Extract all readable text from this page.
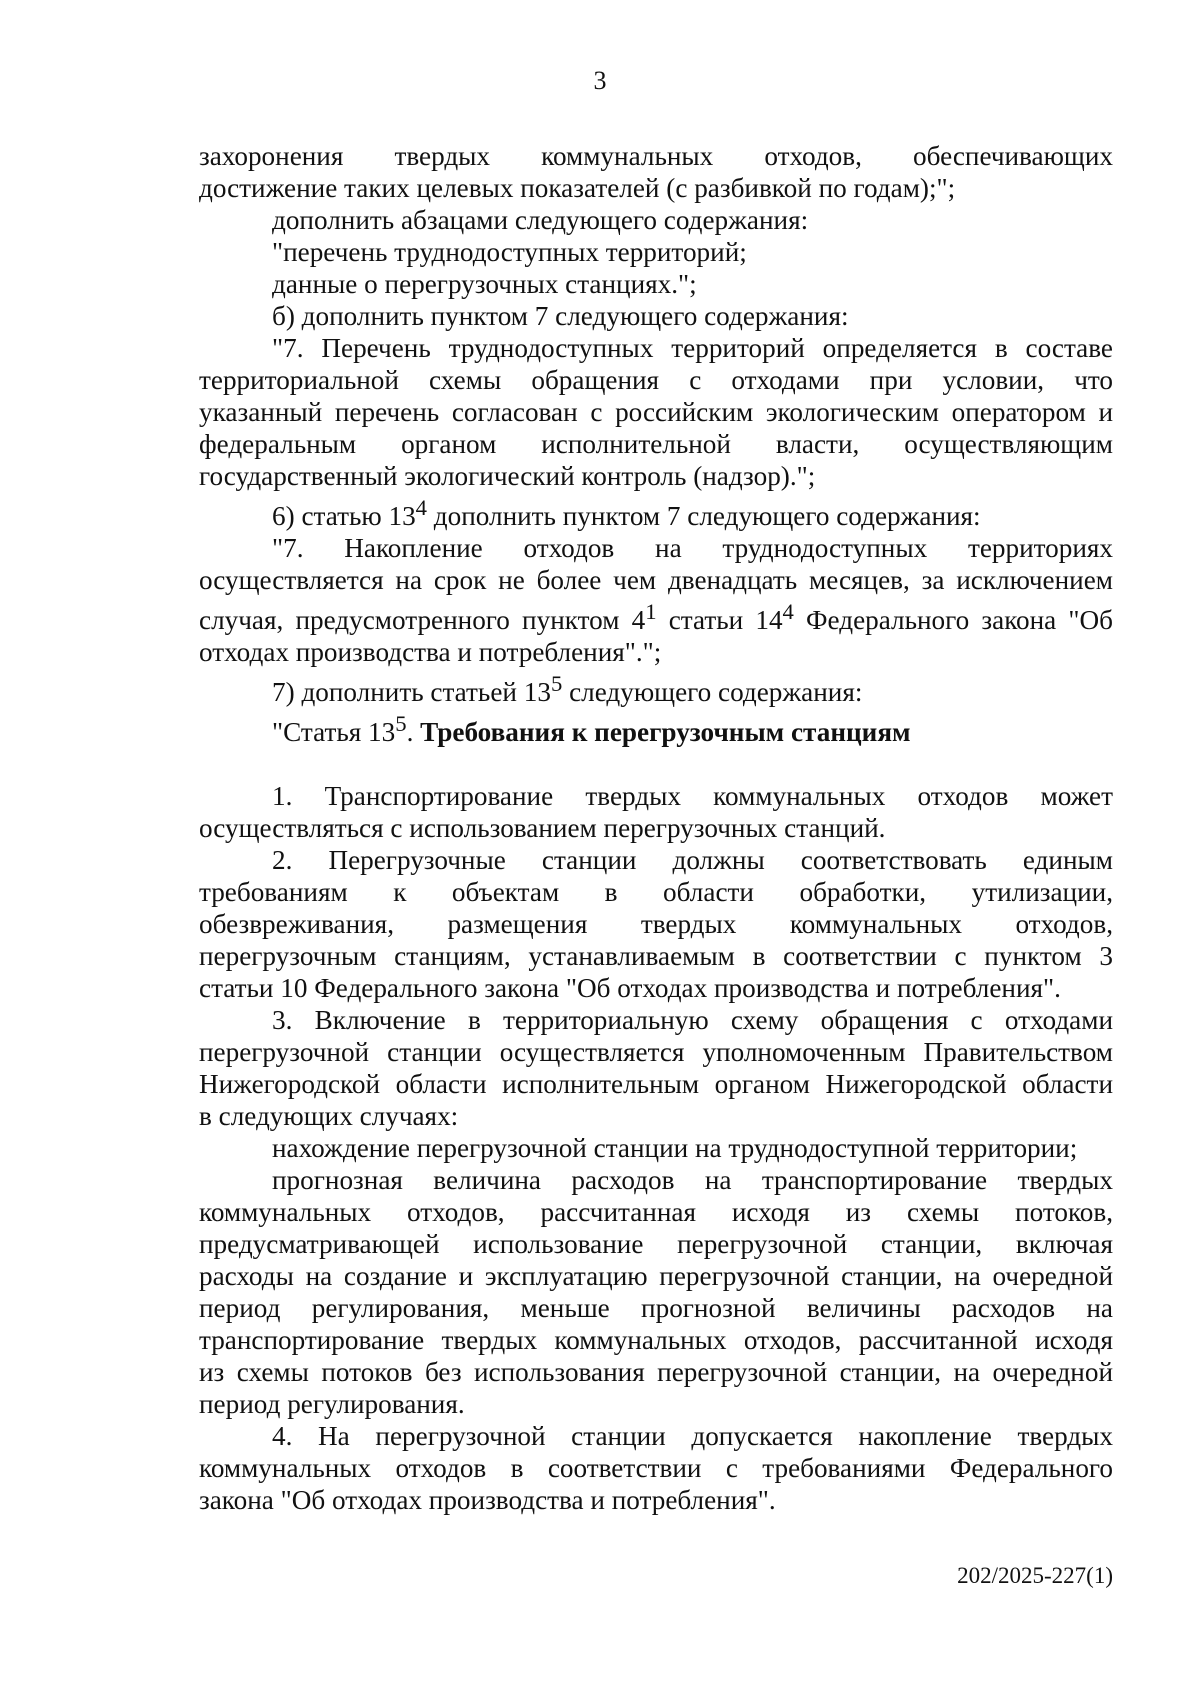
3

захоронения твердых коммунальных отходов, обеспечивающих

достижение таких целевых показателей (с разбивкой по годам);";

дополнить абзацами следующего содержания:

"перечень труднодоступных территорий;

данные о перегрузочных станциях.";

б) дополнить пунктом 7 следующего содержания:

"7. Перечень труднодоступных территорий определяется в составе

территориальной схемы обращения с отходами при условии, что

указанный перечень согласован с российским экологическим оператором и

федеральным органом исполнительной власти, осуществляющим

государственный экологический контроль (надзор).";

6) статью $13^4$ дополнить пунктом 7 следующего содержания:

"7. Накопление отходов на труднодоступных территориях

осуществляется на срок не более чем двенадцать месяцев, за исключением

случая, предусмотренного пунктом $4^1$ статьи $14^4$ Федерального закона "Об

отходах производства и потребления".";

7) дополнить статьей $13^5$ следующего содержания:

"Статья $13^5$. Требования к перегрузочным станциям

1. Транспортирование твердых коммунальных отходов может

осуществляться с использованием перегрузочных станций.

2. Перегрузочные станции должны соответствовать единым

требованиям к объектам в области обработки, утилизации,

обезвреживания, размещения твердых коммунальных отходов,

перегрузочным станциям, устанавливаемым в соответствии с пунктом 3

статьи 10 Федерального закона "Об отходах производства и потребления".

3. Включение в территориальную схему обращения с отходами

перегрузочной станции осуществляется уполномоченным Правительством

Нижегородской области исполнительным органом Нижегородской области

в следующих случаях:

нахождение перегрузочной станции на труднодоступной территории;

прогнозная величина расходов на транспортирование твердых

коммунальных отходов, рассчитанная исходя из схемы потоков,

предусматривающей использование перегрузочной станции, включая

расходы на создание и эксплуатацию перегрузочной станции, на очередной

период регулирования, меньше прогнозной величины расходов на

транспортирование твердых коммунальных отходов, рассчитанной исходя

из схемы потоков без использования перегрузочной станции, на очередной

период регулирования.

4. На перегрузочной станции допускается накопление твердых

коммунальных отходов в соответствии с требованиями Федерального

закона "Об отходах производства и потребления".

202/2025-227(1)
